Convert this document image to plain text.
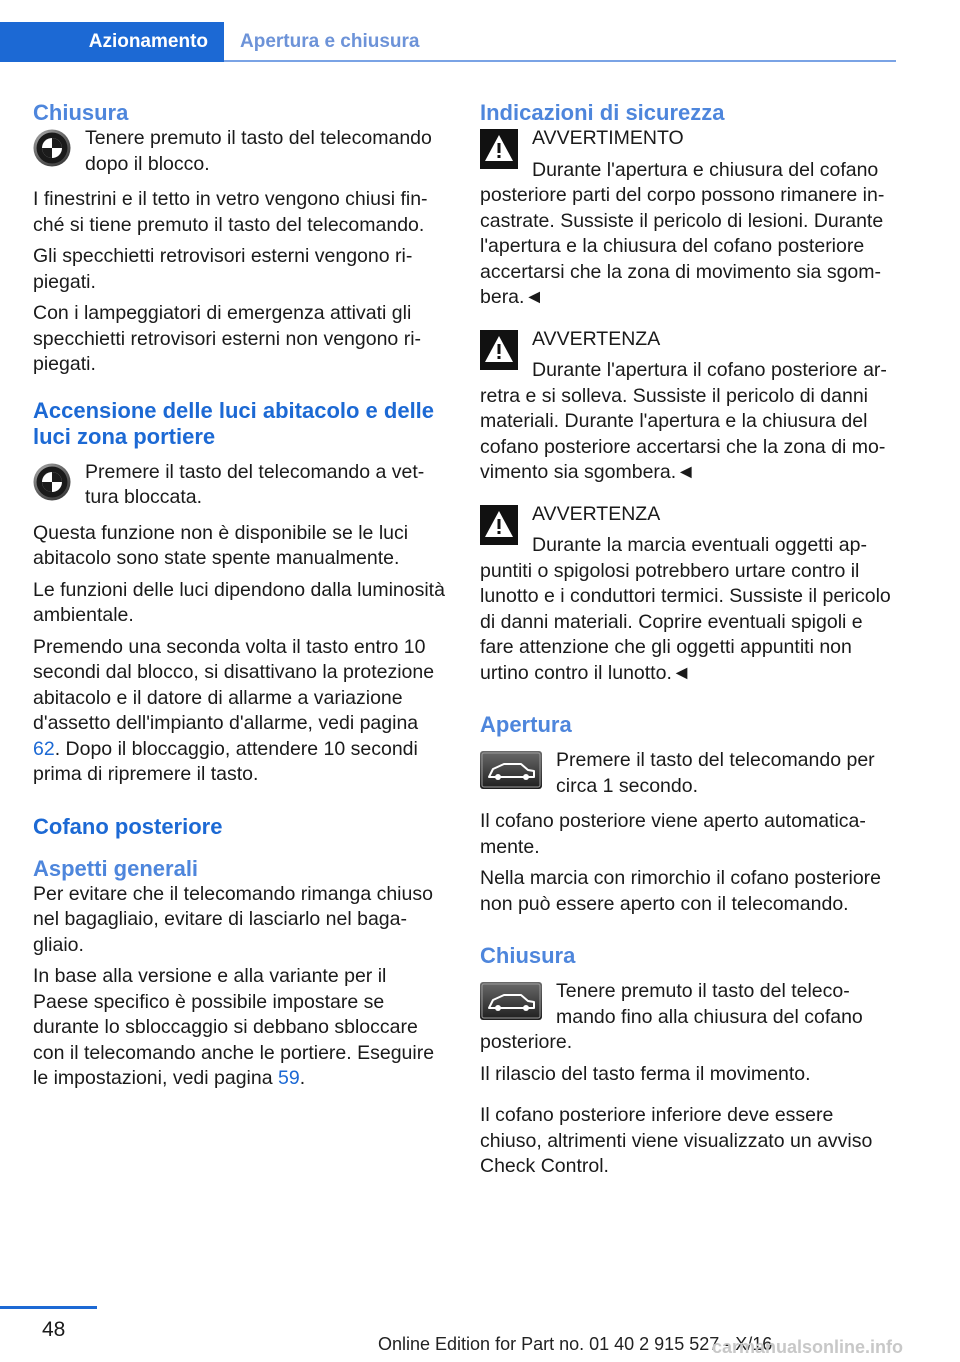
Azionamento	Apertura e chiusura
Chiusura

Tenere premuto il tasto del telecomando dopo il blocco.

I finestrini e il tetto in vetro vengono chiusi finché si tiene premuto il tasto del telecomando.

Gli specchietti retrovisori esterni vengono ripiegati.

Con i lampeggiatori di emergenza attivati gli specchietti retrovisori esterni non vengono ripiegati.

Accensione delle luci abitacolo e delle luci zona portiere

Premere il tasto del telecomando a vettura bloccata.

Questa funzione non è disponibile se le luci abitacolo sono state spente manualmente.

Le funzioni delle luci dipendono dalla luminosità ambientale.

Premendo una seconda volta il tasto entro 10 secondi dal blocco, si disattivano la protezione abitacolo e il datore di allarme a variazione d'assetto dell'impianto d'allarme, vedi pagina 62. Dopo il bloccaggio, attendere 10 secondi prima di ripremere il tasto.

Cofano posteriore
Aspetti generali

Per evitare che il telecomando rimanga chiuso nel bagagliaio, evitare di lasciarlo nel bagagliaio.

In base alla versione e alla variante per il Paese specifico è possibile impostare se durante lo sbloccaggio si debbano sbloccare con il telecomando anche le portiere. Eseguire le impostazioni, vedi pagina 59.

Indicazioni di sicurezza

AVVERTIMENTO

Durante l'apertura e chiusura del cofano posteriore parti del corpo possono rimanere incastrate. Sussiste il pericolo di lesioni. Durante l'apertura e la chiusura del cofano posteriore accertarsi che la zona di movimento sia sgombera.◄

AVVERTENZA

Durante l'apertura il cofano posteriore arretra e si solleva. Sussiste il pericolo di danni materiali. Durante l'apertura e la chiusura del cofano posteriore accertarsi che la zona di movimento sia sgombera.◄

AVVERTENZA

Durante la marcia eventuali oggetti appuntiti o spigolosi potrebbero urtare contro il lunotto e i conduttori termici. Sussiste il pericolo di danni materiali. Coprire eventuali spigoli e fare attenzione che gli oggetti appuntiti non urtino contro il lunotto.◄

Apertura

Premere il tasto del telecomando per circa 1 secondo.

Il cofano posteriore viene aperto automaticamente.

Nella marcia con rimorchio il cofano posteriore non può essere aperto con il telecomando.

Chiusura

Tenere premuto il tasto del telecomando fino alla chiusura del cofano posteriore.

Il rilascio del tasto ferma il movimento.

Il cofano posteriore inferiore deve essere chiuso, altrimenti viene visualizzato un avviso Check Control.

48
Online Edition for Part no. 01 40 2 915 527 - X/16
carmanualsonline.info
